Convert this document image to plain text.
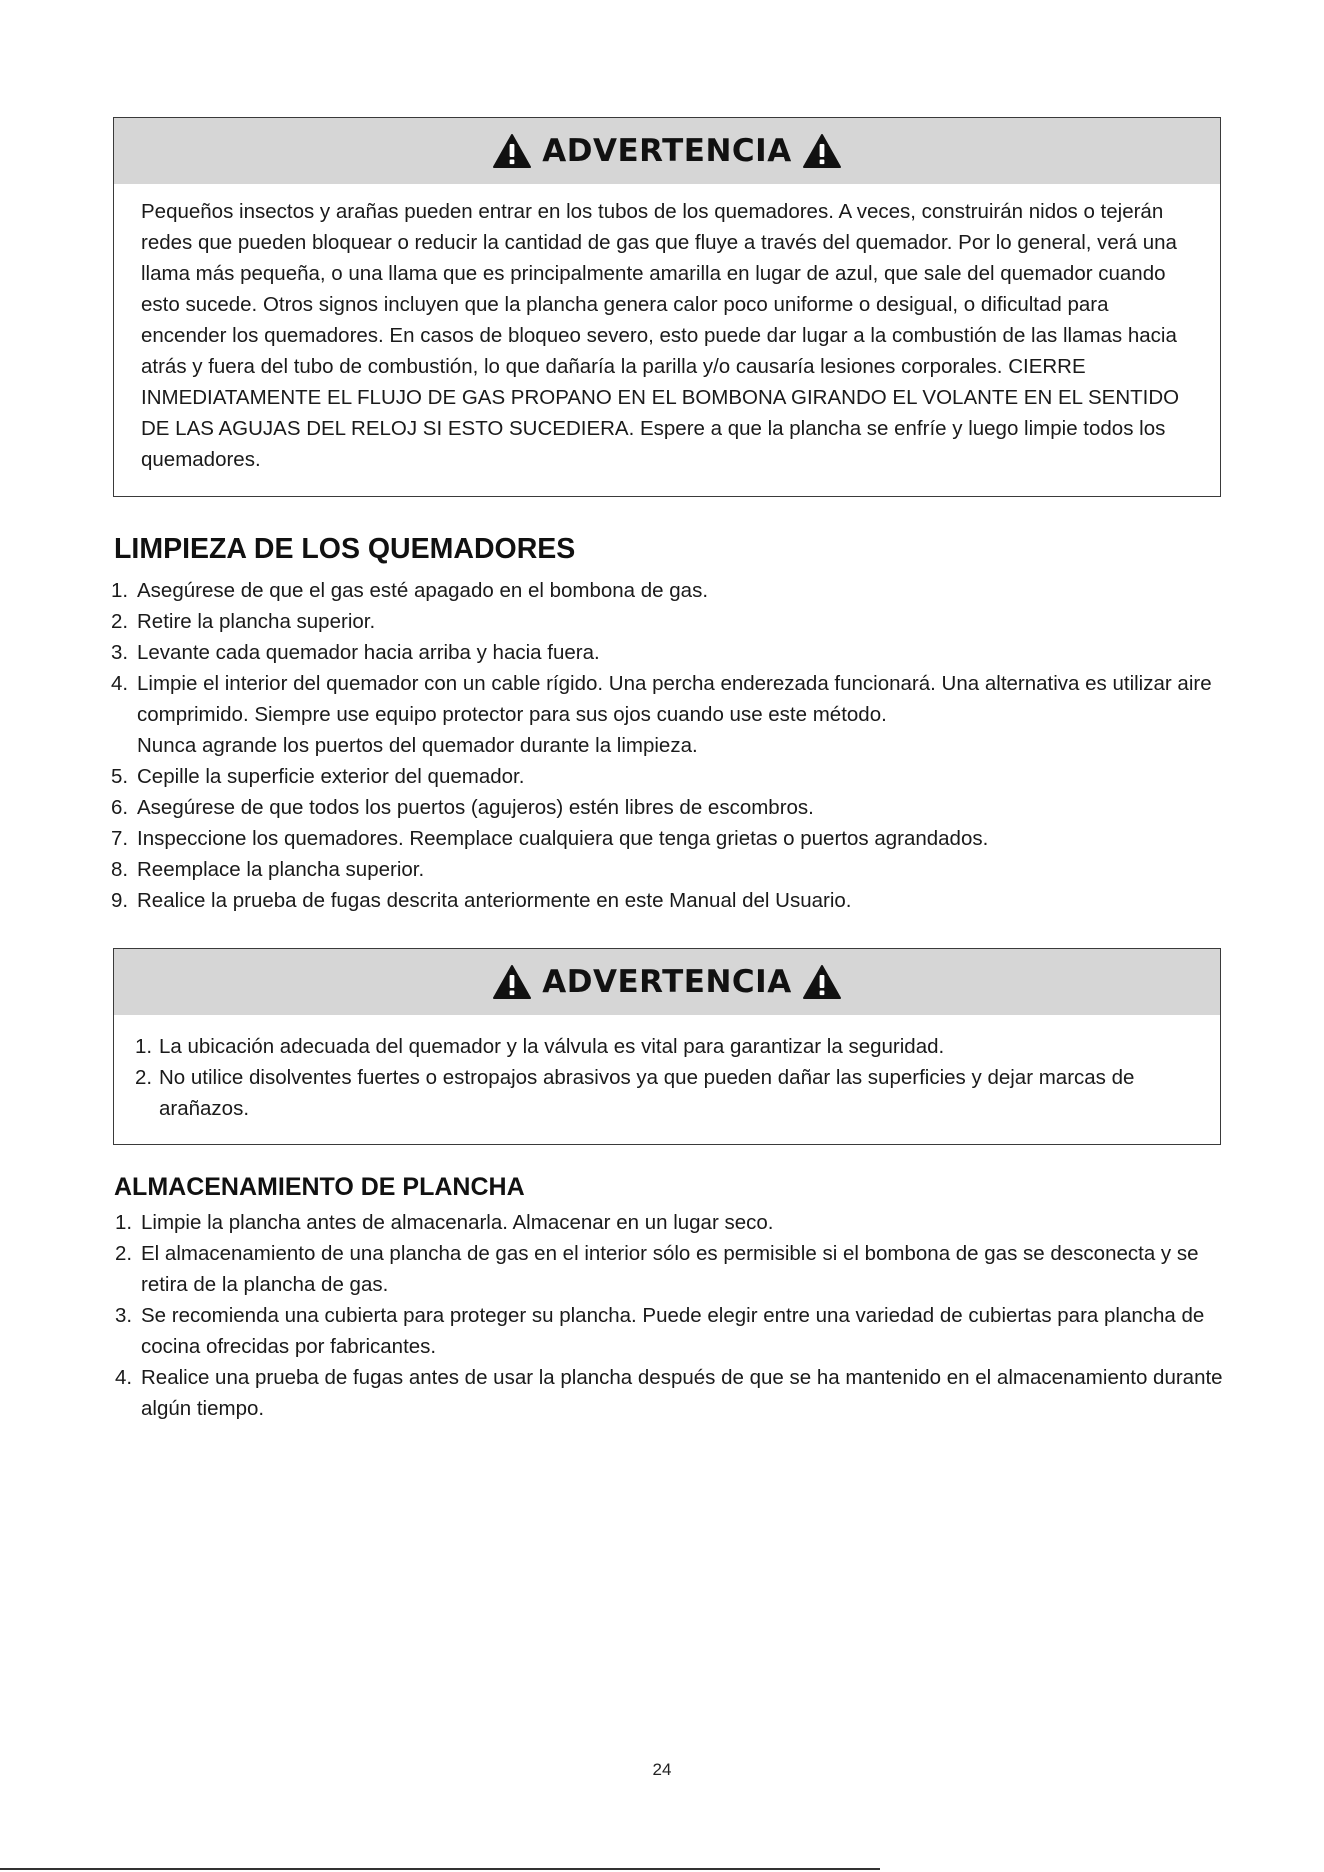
ADVERTENCIA

Pequeños insectos y arañas pueden entrar en los tubos de los quemadores. A veces, construirán nidos o tejerán redes que pueden bloquear o reducir la cantidad de gas que fluye a través del quemador. Por lo general, verá una llama más pequeña, o una llama que es principalmente amarilla en lugar de azul, que sale del quemador cuando esto sucede. Otros signos incluyen que la plancha genera calor poco uniforme o desigual, o dificultad para encender los quemadores. En casos de bloqueo severo, esto puede dar lugar a la combustión de las llamas hacia atrás y fuera del tubo de combustión, lo que dañaría la parilla y/o causaría lesiones corporales. CIERRE INMEDIATAMENTE EL FLUJO DE GAS PROPANO EN EL BOMBONA GIRANDO EL VOLANTE EN EL SENTIDO DE LAS AGUJAS DEL RELOJ SI ESTO SUCEDIERA. Espere a que la plancha se enfríe y luego limpie todos los quemadores.

LIMPIEZA DE LOS QUEMADORES
1. Asegúrese de que el gas esté apagado en el bombona de gas.
2. Retire la plancha superior.
3. Levante cada quemador hacia arriba y hacia fuera.
4. Limpie el interior del quemador con un cable rígido. Una percha enderezada funcionará. Una alternativa es utilizar aire comprimido. Siempre use equipo protector para sus ojos cuando use este método.
Nunca agrande los puertos del quemador durante la limpieza.
5. Cepille la superficie exterior del quemador.
6. Asegúrese de que todos los puertos (agujeros) estén libres de escombros.
7. Inspeccione los quemadores. Reemplace cualquiera que tenga grietas o puertos agrandados.
8. Reemplace la plancha superior.
9. Realice la prueba de fugas descrita anteriormente en este Manual del Usuario.
ADVERTENCIA
1. La ubicación adecuada del quemador y la válvula es vital para garantizar la seguridad.
2. No utilice disolventes fuertes o estropajos abrasivos ya que pueden dañar las superficies y dejar marcas de arañazos.
ALMACENAMIENTO DE PLANCHA
1. Limpie la plancha antes de almacenarla. Almacenar en un lugar seco.
2. El almacenamiento de una plancha de gas en el interior sólo es permisible si el bombona de gas se desconecta y se retira de la plancha de gas.
3. Se recomienda una cubierta para proteger su plancha. Puede elegir entre una variedad de cubiertas para plancha de cocina ofrecidas por fabricantes.
4. Realice una prueba de fugas antes de usar la plancha después de que se ha mantenido en el almacenamiento durante algún tiempo.
24
